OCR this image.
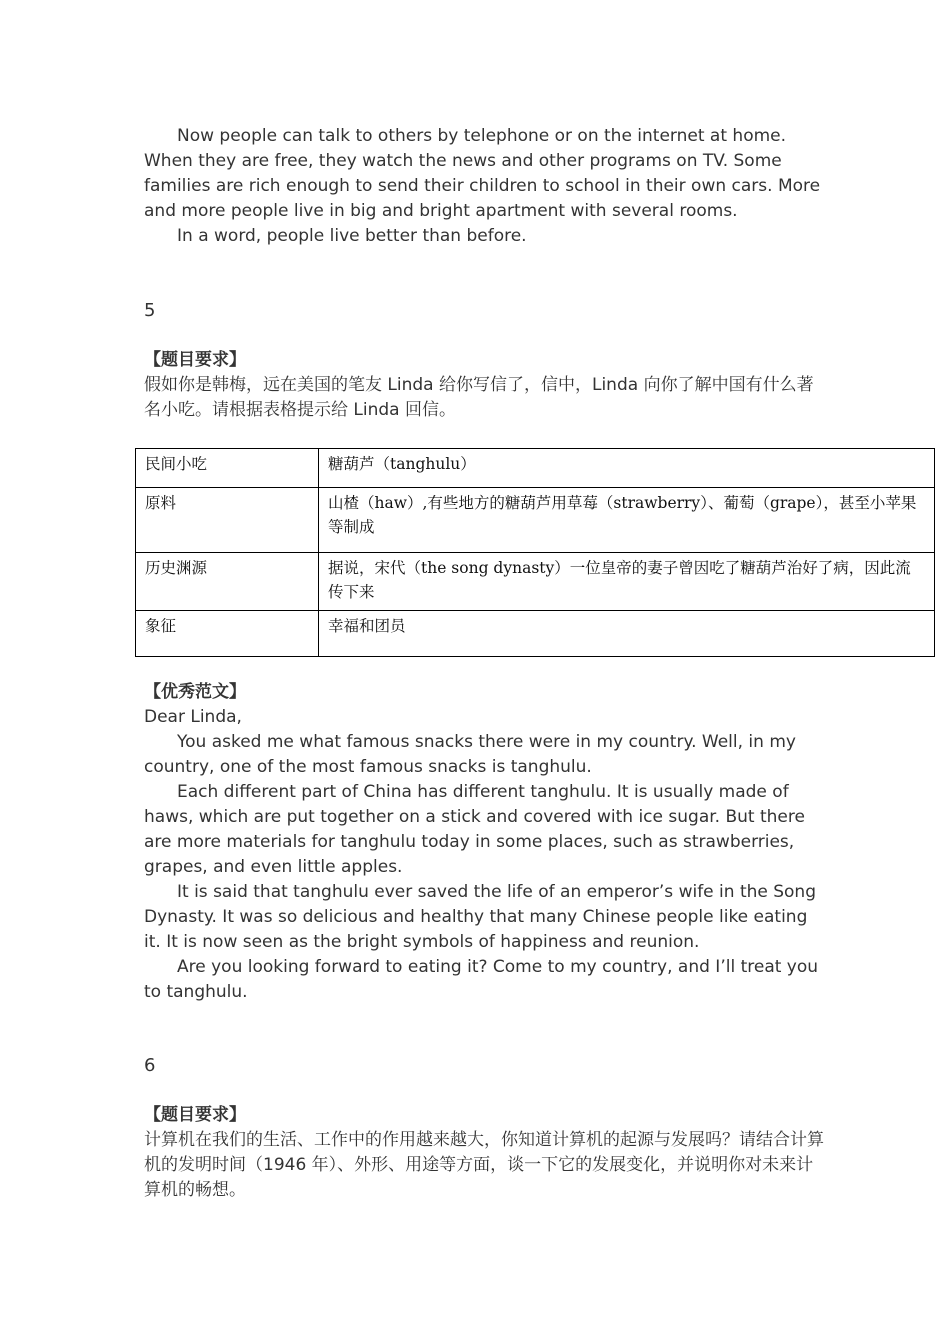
Now people can talk to others by telephone or on the internet at home. When they are free, they watch the news and other programs on TV. Some families are rich enough to send their children to school in their own cars. More and more people live in big and bright apartment with several rooms.

In a word, people live better than before.

5

【题目要求】

假如你是韩梅，远在美国的笔友 Linda 给你写信了，信中，Linda 向你了解中国有什么著名小吃。请根据表格提示给 Linda 回信。

民间小吃	糖葫芦（tanghulu）
原料	山楂（haw）,有些地方的糖葫芦用草莓（strawberry）、葡萄（grape），甚至小苹果等制成
历史渊源	据说，宋代（the song dynasty）一位皇帝的妻子曾因吃了糖葫芦治好了病，因此流传下来
象征	幸福和团员

【优秀范文】

Dear Linda,

You asked me what famous snacks there were in my country. Well, in my country, one of the most famous snacks is tanghulu.

Each different part of China has different tanghulu. It is usually made of haws, which are put together on a stick and covered with ice sugar. But there are more materials for tanghulu today in some places, such as strawberries, grapes, and even little apples.

It is said that tanghulu ever saved the life of an emperor’s wife in the Song Dynasty. It was so delicious and healthy that many Chinese people like eating it. It is now seen as the bright symbols of happiness and reunion.

Are you looking forward to eating it? Come to my country, and I’ll treat you to tanghulu.

6

【题目要求】

计算机在我们的生活、工作中的作用越来越大，你知道计算机的起源与发展吗？请结合计算机的发明时间（1946 年）、外形、用途等方面，谈一下它的发展变化，并说明你对未来计算机的畅想。
